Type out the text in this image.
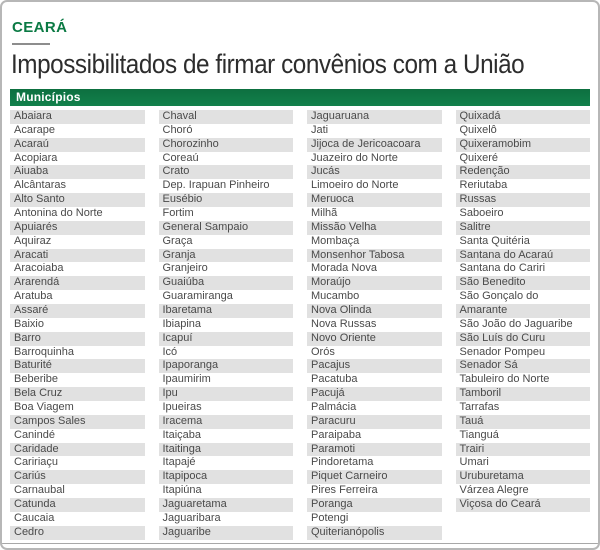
CEARÁ
Impossibilitados de firmar convênios com a União
Municípios
Abaiara
Acarape
Acaraú
Acopiara
Aiuaba
Alcântaras
Alto Santo
Antonina do Norte
Apuiarés
Aquiraz
Aracati
Aracoiaba
Ararendá
Aratuba
Assaré
Baixio
Barro
Barroquinha
Baturité
Beberibe
Bela Cruz
Boa Viagem
Campos Sales
Canindé
Caridade
Caririaçu
Cariús
Carnaubal
Catunda
Caucaia
Cedro
Chaval
Choró
Chorozinho
Coreaú
Crato
Dep. Irapuan Pinheiro
Eusébio
Fortim
General Sampaio
Graça
Granja
Granjeiro
Guaiúba
Guaramiranga
Ibaretama
Ibiapina
Icapuí
Icó
Ipaporanga
Ipaumirim
Ipu
Ipueiras
Iracema
Itaiçaba
Itaitinga
Itapajé
Itapipoca
Itapiúna
Jaguaretama
Jaguaribara
Jaguaribe
Jaguaruana
Jati
Jijoca de Jericoacoara
Juazeiro do Norte
Jucás
Limoeiro do Norte
Meruoca
Milhã
Missão Velha
Mombaça
Monsenhor Tabosa
Morada Nova
Moraújo
Mucambo
Nova Olinda
Nova Russas
Novo Oriente
Orós
Pacajus
Pacatuba
Pacujá
Palmácia
Paracuru
Paraipaba
Paramoti
Pindoretama
Piquet Carneiro
Pires Ferreira
Poranga
Potengi
Quiterianópolis
Quixadá
Quixelô
Quixeramobim
Quixeré
Redenção
Reriutaba
Russas
Saboeiro
Salitre
Santa Quitéria
Santana do Acaraú
Santana do Cariri
São Benedito
São Gonçalo do
Amarante
São João do Jaguaribe
São Luís do Curu
Senador Pompeu
Senador Sá
Tabuleiro do Norte
Tamboril
Tarrafas
Tauá
Tianguá
Trairi
Umari
Uruburetama
Várzea Alegre
Viçosa do Ceará
